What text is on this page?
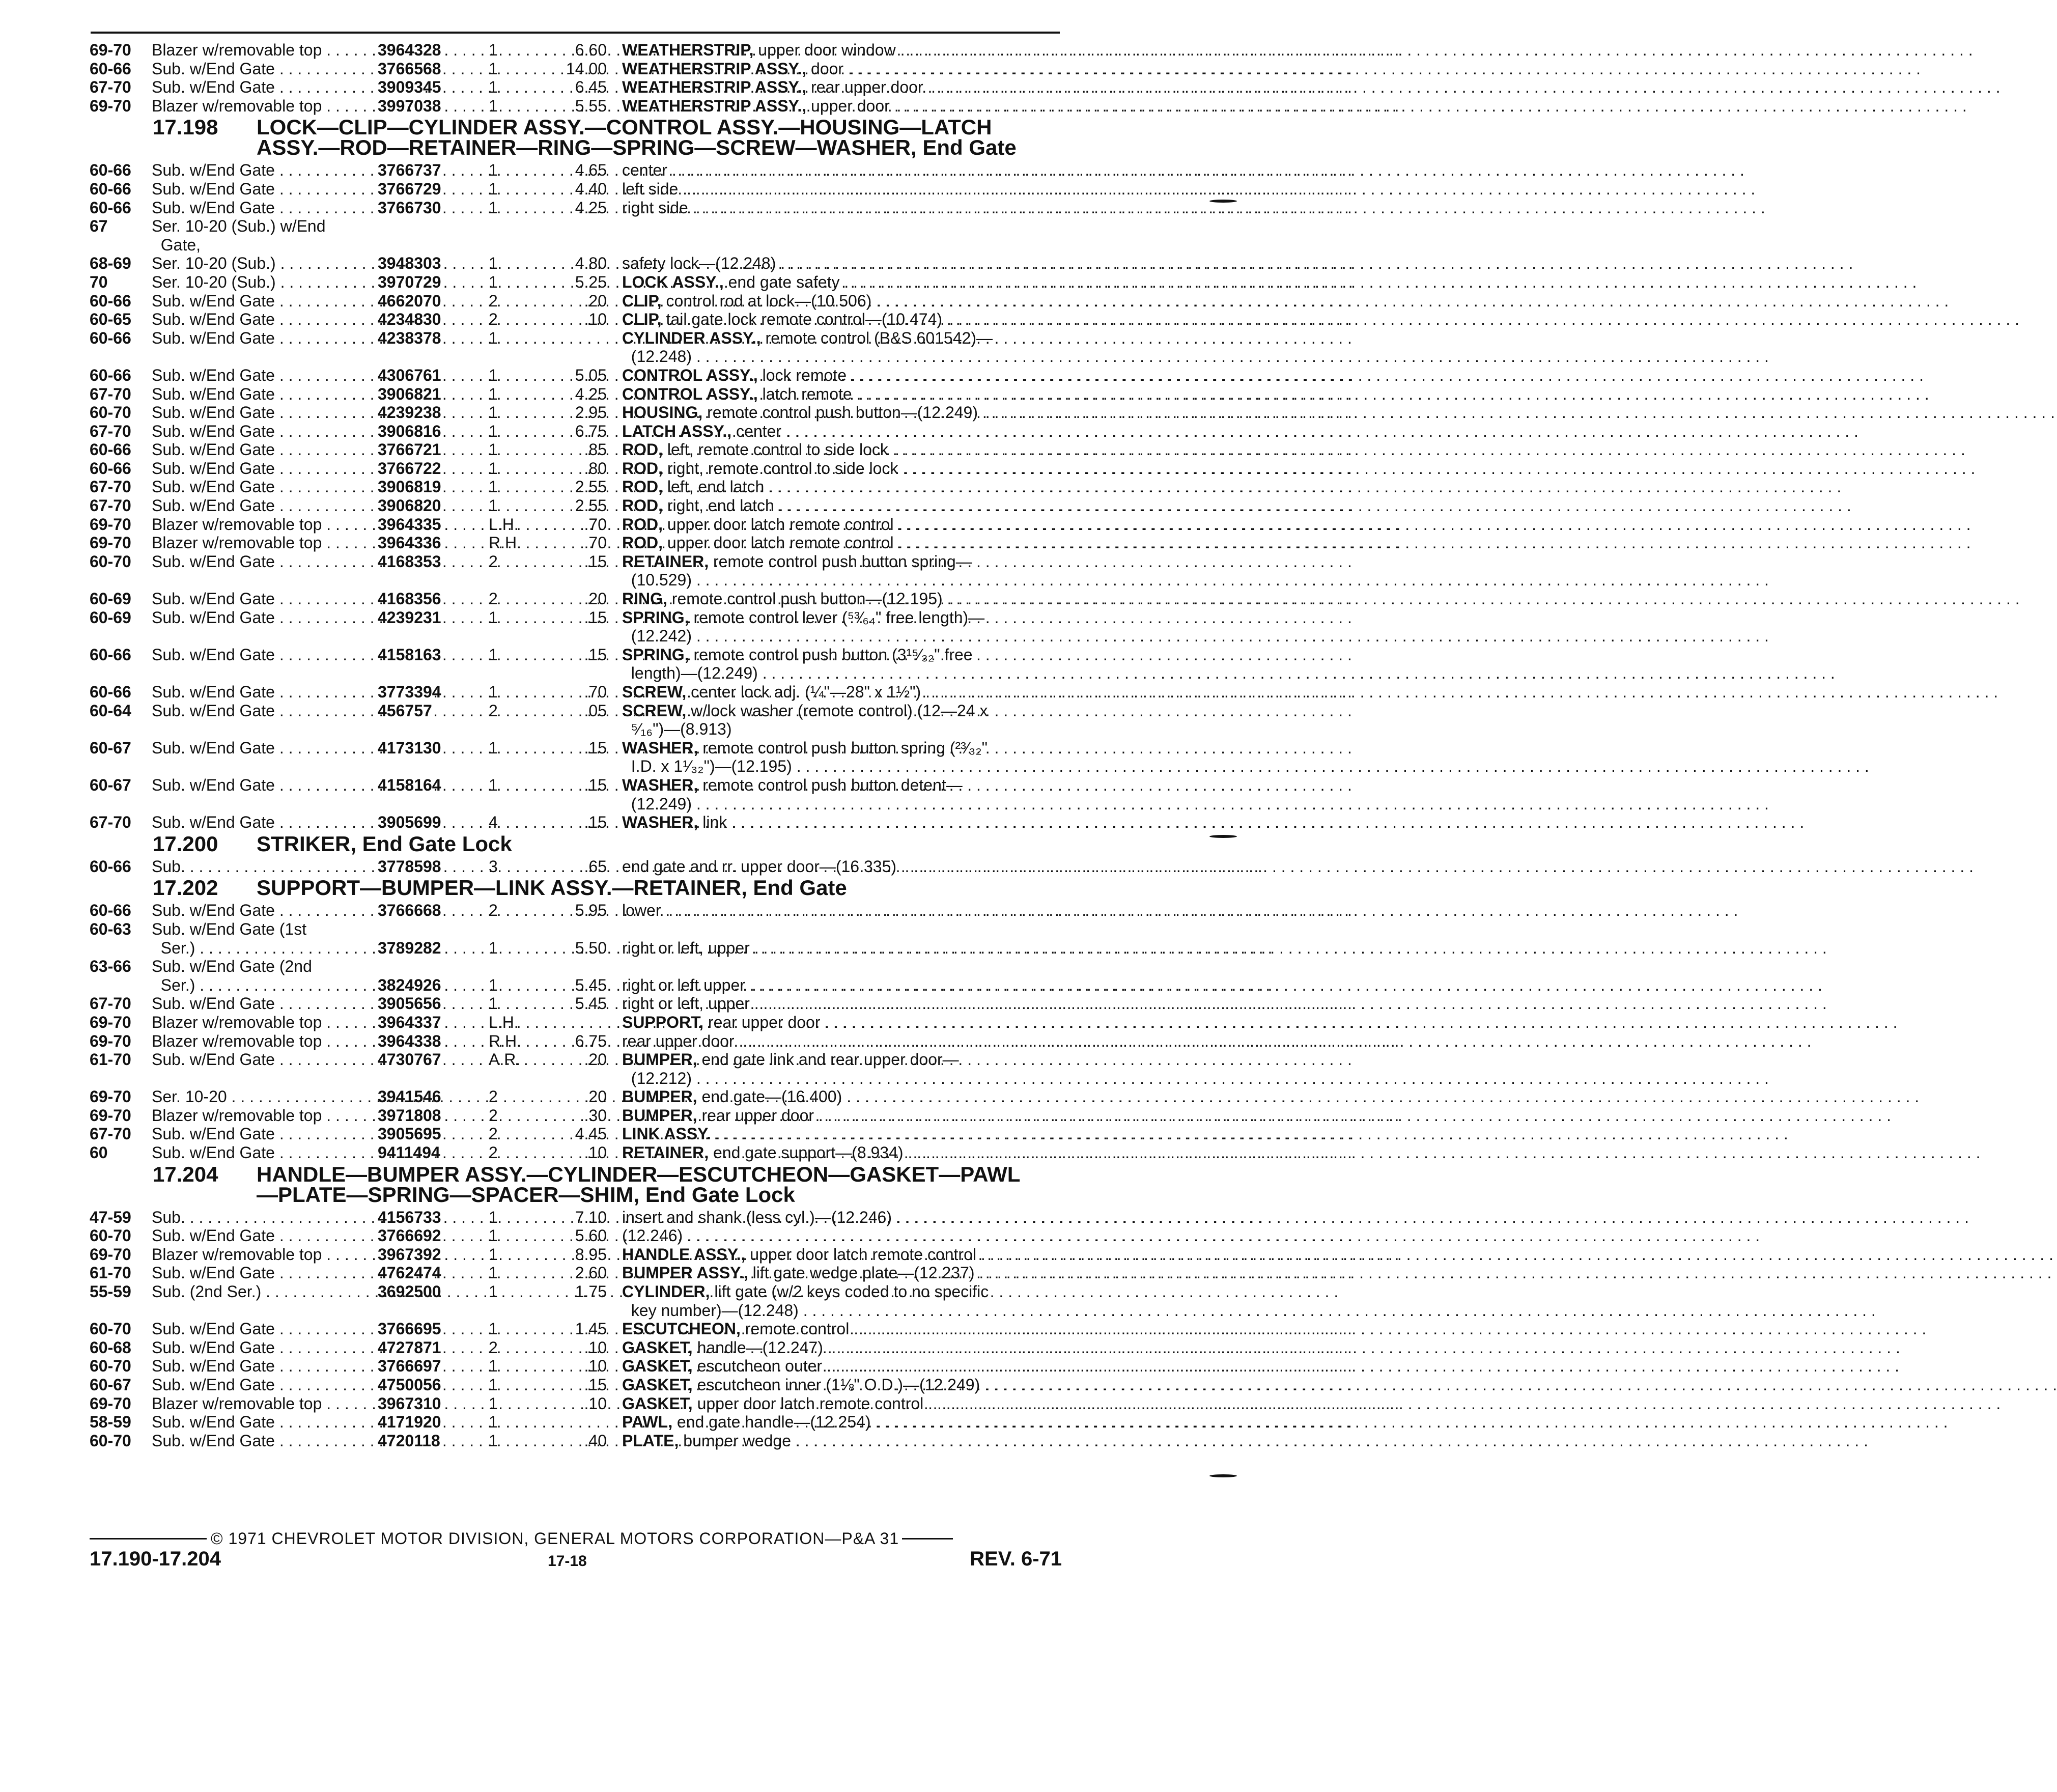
69-70	Blazer w/removable top . . .	3964328	1	6.60 WEATHERSTRIP, upper door window . . .
60-66	Sub. w/End Gate . . .	3766568	1	14.00 WEATHERSTRIP ASSY., door . . .
67-70	Sub. w/End Gate . . .	3909345	1	6.45 WEATHERSTRIP ASSY., rear upper door . . .
69-70	Blazer w/removable top . . .	3997038	1	5.55 WEATHERSTRIP ASSY., upper door . . .
17.198 LOCK—CLIP—CYLINDER ASSY.—CONTROL ASSY.—HOUSING—LATCH
ASSY.—ROD—RETAINER—RING—SPRING—SCREW—WASHER, End Gate
60-66	Sub. w/End Gate . . .	3766737	1	4.65 center . . .
60-66	Sub. w/End Gate . . .	3766729	1	4.40 left side . . .
60-66	Sub. w/End Gate . . .	3766730	1	4.25 right side . . .
67	Ser. 10-20 (Sub.) w/End
Gate,
68-69	Ser. 10-20 (Sub.) . . .	3948303	1	4.80 safety lock—(12.248) . . .
70	Ser. 10-20 (Sub.) . . .	3970729	1	5.25 LOCK ASSY., end gate safety . . .
60-66	Sub. w/End Gate . . .	4662070	2	.20 CLIP, control rod at lock—(10.506) . . .
60-65	Sub. w/End Gate . . .	4234830	2	.10 CLIP, tail gate lock remote control—(10.474) . . .
60-66	Sub. w/End Gate . . .	4238378	1	CYLINDER ASSY., remote control (B&S 601542)—
(12.248) . . .
60-66	Sub. w/End Gate . . .	4306761	1	5.05 CONTROL ASSY., lock remote . . .
67-70	Sub. w/End Gate . . .	3906821	1	4.25 CONTROL ASSY., latch remote . . .
60-70	Sub. w/End Gate . . .	4239238	1	2.95 HOUSING, remote control push button—(12.249) . . .
67-70	Sub. w/End Gate . . .	3906816	1	6.75 LATCH ASSY., center . . .
60-66	Sub. w/End Gate . . .	3766721	1	.85 ROD, left, remote control to side lock . . .
60-66	Sub. w/End Gate . . .	3766722	1	.80 ROD, right, remote control to side lock . . .
67-70	Sub. w/End Gate . . .	3906819	1	2.55 ROD, left, end latch . . .
67-70	Sub. w/End Gate . . .	3906820	1	2.55 ROD, right, end latch . . .
69-70	Blazer w/removable top . . .	3964335	L.H.	.70 ROD, upper door latch remote control . . .
69-70	Blazer w/removable top . . .	3964336	R.H.	.70 ROD, upper door latch remote control . . .
60-70	Sub. w/End Gate . . .	4168353	2	.15 RETAINER, remote control push button spring—
(10.529) . . .
60-69	Sub. w/End Gate . . .	4168356	2	.20 RING, remote control push button—(12.195) . . .
60-69	Sub. w/End Gate . . .	4239231	1	.15 SPRING, remote control lever (⁵³⁄₆₄" free length)—
(12.242) . . .
60-66	Sub. w/End Gate . . .	4158163	1	.15 SPRING, remote control push button (3¹⁵⁄₃₂" free
length)—(12.249) . . .
60-66	Sub. w/End Gate . . .	3773394	1	.70 SCREW, center lock adj. (¼"—28" x 1½") . . .
60-64	Sub. w/End Gate . . .	456757	2	.05 SCREW, w/lock washer (remote control) (12—24 x
⁵⁄₁₆")—(8.913)
60-67	Sub. w/End Gate . . .	4173130	1	.15 WASHER, remote control push button spring (²³⁄₃₂"
I.D. x 1¹⁄₃₂")—(12.195) . . .
60-67	Sub. w/End Gate . . .	4158164	1	.15 WASHER, remote control push button detent—
(12.249) . . .
67-70	Sub. w/End Gate . . .	3905699	4	.15 WASHER, link . . .
17.200 STRIKER, End Gate Lock
60-66	Sub. . . .	3778598	3	.65 end gate and rr. upper door—(16.335) . . .
17.202 SUPPORT—BUMPER—LINK ASSY.—RETAINER, End Gate
60-66	Sub. w/End Gate . . .	3766668	2	5.95 lower . . .
60-63	Sub. w/End Gate (1st
Ser.) . . .	3789282	1	5.50 right or left, upper . . .
63-66	Sub. w/End Gate (2nd
Ser.) . . .	3824926	1	5.45 right or left upper . . .
67-70	Sub. w/End Gate . . .	3905656	1	5.45 right or left, upper . . .
69-70	Blazer w/removable top . . .	3964337	L.H.	SUPPORT, rear upper door . . .
69-70	Blazer w/removable top . . .	3964338	R.H.	6.75 rear upper door . . .
61-70	Sub. w/End Gate . . .	4730767	A.R.	.20 BUMPER, end gate link and rear upper door—
(12.212) . . .
69-70	Ser. 10-20 . . .	3941546	2	.20 BUMPER, end gate—(16.400) . . .
69-70	Blazer w/removable top . . .	3971808	2	.30 BUMPER, rear upper door . . .
67-70	Sub. w/End Gate . . .	3905695	2	4.45 LINK ASSY. . . .
60	Sub. w/End Gate . . .	9411494	2	.10 RETAINER, end gate support—(8.934) . . .
17.204 HANDLE—BUMPER ASSY.—CYLINDER—ESCUTCHEON—GASKET—PAWL
—PLATE—SPRING—SPACER—SHIM, End Gate Lock
47-59	Sub. . . .	4156733	1	7.10 insert and shank (less cyl.)—(12.246) . . .
60-70	Sub. w/End Gate . . .	3766692	1	5.60 (12.246) . . .
69-70	Blazer w/removable top . . .	3967392	1	8.95 HANDLE ASSY., upper door latch remote control . . .
61-70	Sub. w/End Gate . . .	4762474	1	2.60 BUMPER ASSY., lift gate wedge plate—(12.237) . . .
55-59	Sub. (2nd Ser.) . . .	3692500	1	1.75 CYLINDER, lift gate (w/2 keys coded to no specific
key number)—(12.248) . . .
60-70	Sub. w/End Gate . . .	3766695	1	1.45 ESCUTCHEON, remote control . . .
60-68	Sub. w/End Gate . . .	4727871	2	.10 GASKET, handle—(12.247) . . .
60-70	Sub. w/End Gate . . .	3766697	1	.10 GASKET, escutcheon outer . . .
60-67	Sub. w/End Gate . . .	4750056	1	.15 GASKET, escutcheon inner (1⅛" O.D.)—(12.249) . . .
69-70	Blazer w/removable top . . .	3967310	1	.10 GASKET, upper door latch remote control . . .
58-59	Sub. w/End Gate . . .	4171920	1	PAWL, end gate handle—(12.254) . . .
60-70	Sub. w/End Gate . . .	4720118	1	.40 PLATE, bumper wedge . . .
© 1971 CHEVROLET MOTOR DIVISION, GENERAL MOTORS CORPORATION—P&A 31
17.190-17.204	17-18	REV. 6-71
